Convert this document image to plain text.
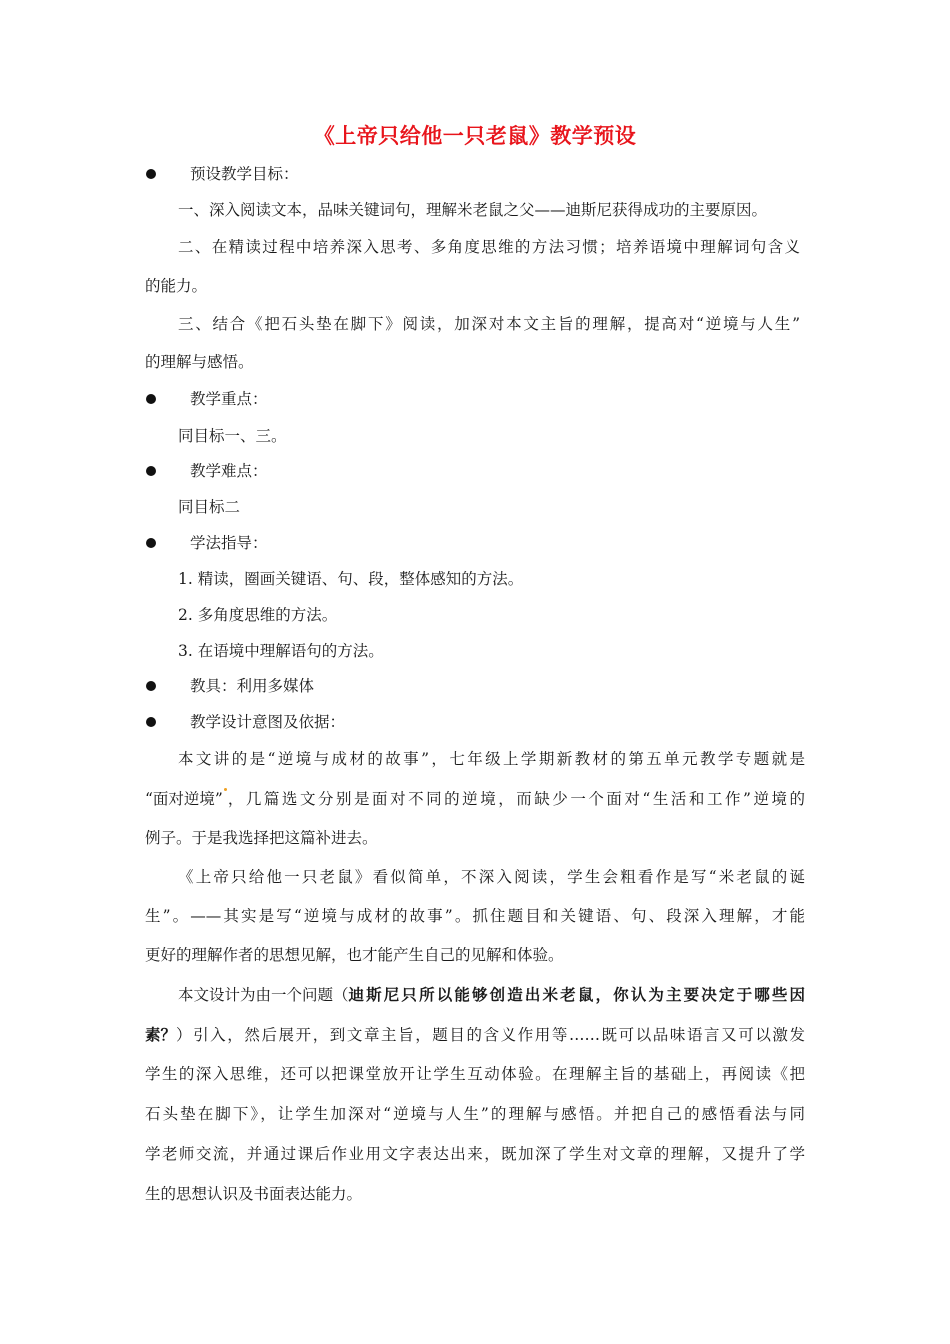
《上帝只给他一只老鼠》教学预设
预设教学目标：
一、深入阅读文本，品味关键词句，理解米老鼠之父——迪斯尼获得成功的主要原因。
二、在精读过程中培养深入思考、多角度思维的方法习惯；培养语境中理解词句含义
的能力。
三、结合《把石头垫在脚下》阅读，加深对本文主旨的理解，提高对“逆境与人生”
的理解与感悟。
教学重点：
同目标一、三。
教学难点：
同目标二
学法指导：
1. 精读，圈画关键语、句、段，整体感知的方法。
2. 多角度思维的方法。
3. 在语境中理解语句的方法。
教具：利用多媒体
教学设计意图及依据：
本文讲的是“逆境与成材的故事”，七年级上学期新教材的第五单元教学专题就是
“面对逆境” ，几篇选文分别是面对不同的逆境，而缺少一个面对“生活和工作”逆境的
例子。于是我选择把这篇补进去。
《上帝只给他一只老鼠》看似简单，不深入阅读，学生会粗看作是写“米老鼠的诞
生”。——其实是写“逆境与成材的故事”。抓住题目和关键语、句、段深入理解，才能
更好的理解作者的思想见解，也才能产生自己的见解和体验。
本文设计为由一个问题（ 迪斯尼只所以能够创造出米老鼠，你认为主要决定于哪些因
素？ ）引入，然后展开，到文章主旨，题目的含义作用等……既可以品味语言又可以激发
学生的深入思维，还可以把课堂放开让学生互动体验。在理解主旨的基础上，再阅读《把
石头垫在脚下》，让学生加深对“逆境与人生”的理解与感悟。并把自己的感悟看法与同
学老师交流，并通过课后作业用文字表达出来，既加深了学生对文章的理解，又提升了学
生的思想认识及书面表达能力。
